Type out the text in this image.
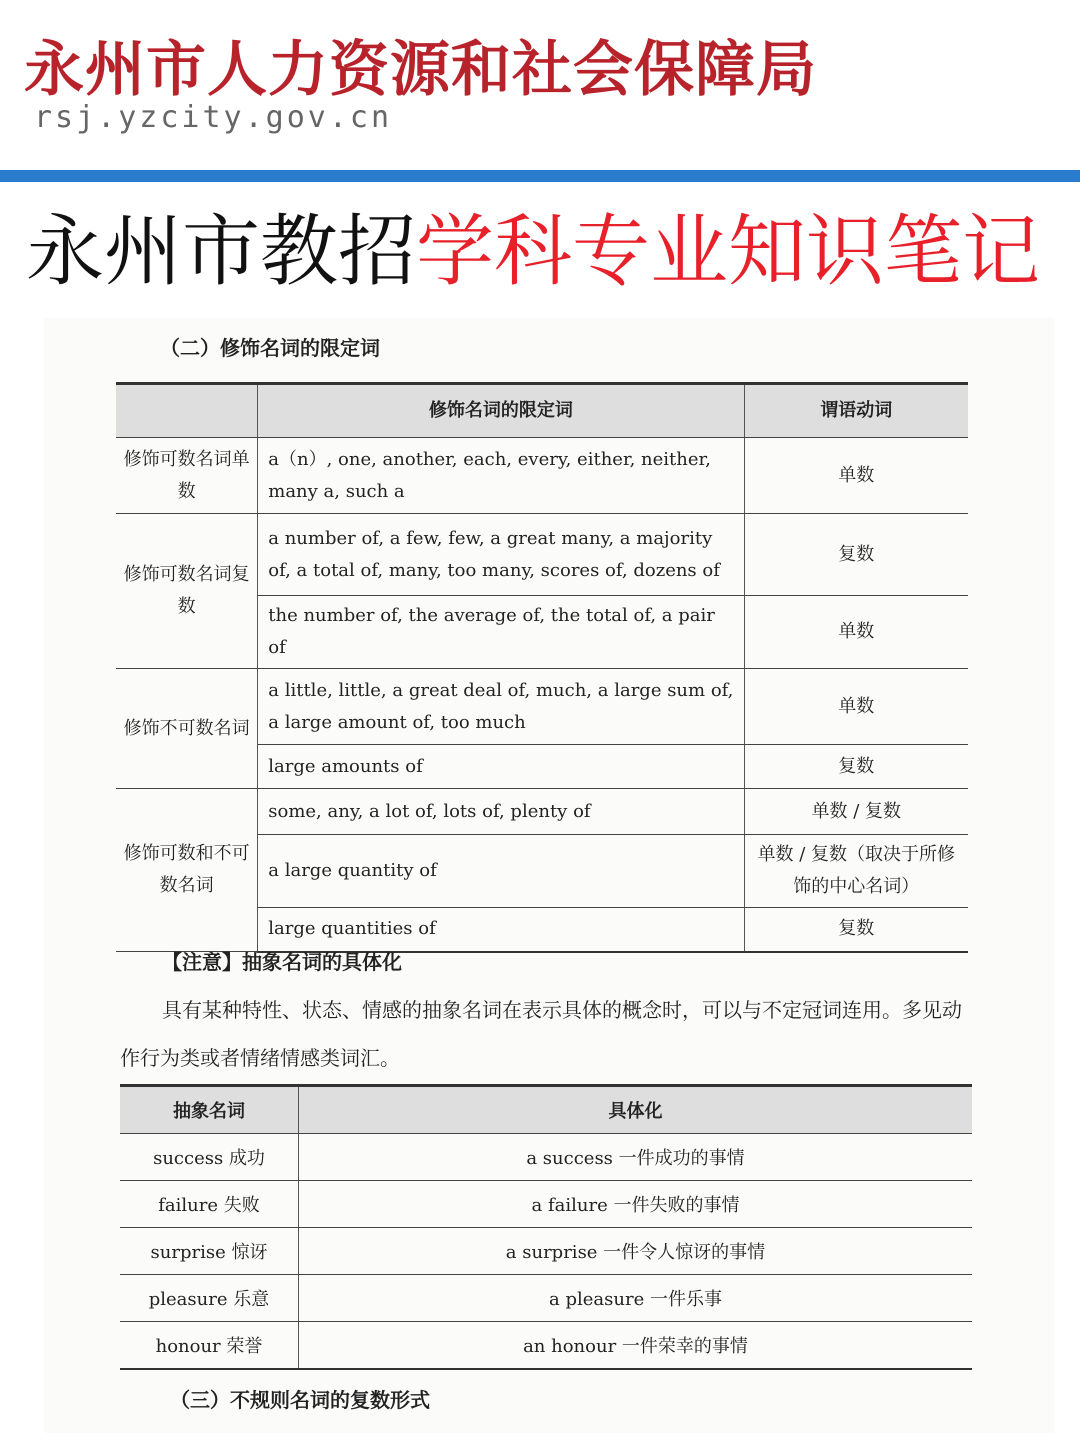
永州市人力资源和社会保障局
rsj.yzcity.gov.cn
永州市教招学科专业知识笔记
（二）修饰名词的限定词
	修饰名词的限定词	谓语动词
修饰可数名词单数	a（n）, one, another, each, every, either, neither, many a, such a	单数
修饰可数名词复数	a number of, a few, few, a great many, a majority of, a total of, many, too many, scores of, dozens of	复数
	the number of, the average of, the total of, a pair of	单数
修饰不可数名词	a little, little, a great deal of, much, a large sum of, a large amount of, too much	单数
	large amounts of	复数
修饰可数和不可数名词	some, any, a lot of, lots of, plenty of	单数 / 复数
	a large quantity of	单数 / 复数（取决于所修饰的中心名词）
	large quantities of	复数
【注意】抽象名词的具体化
具有某种特性、状态、情感的抽象名词在表示具体的概念时，可以与不定冠词连用。多见动作行为类或者情绪情感类词汇。
抽象名词	具体化
success 成功	a success 一件成功的事情
failure 失败	a failure 一件失败的事情
surprise 惊讶	a surprise 一件令人惊讶的事情
pleasure 乐意	a pleasure 一件乐事
honour 荣誉	an honour 一件荣幸的事情
（三）不规则名词的复数形式
